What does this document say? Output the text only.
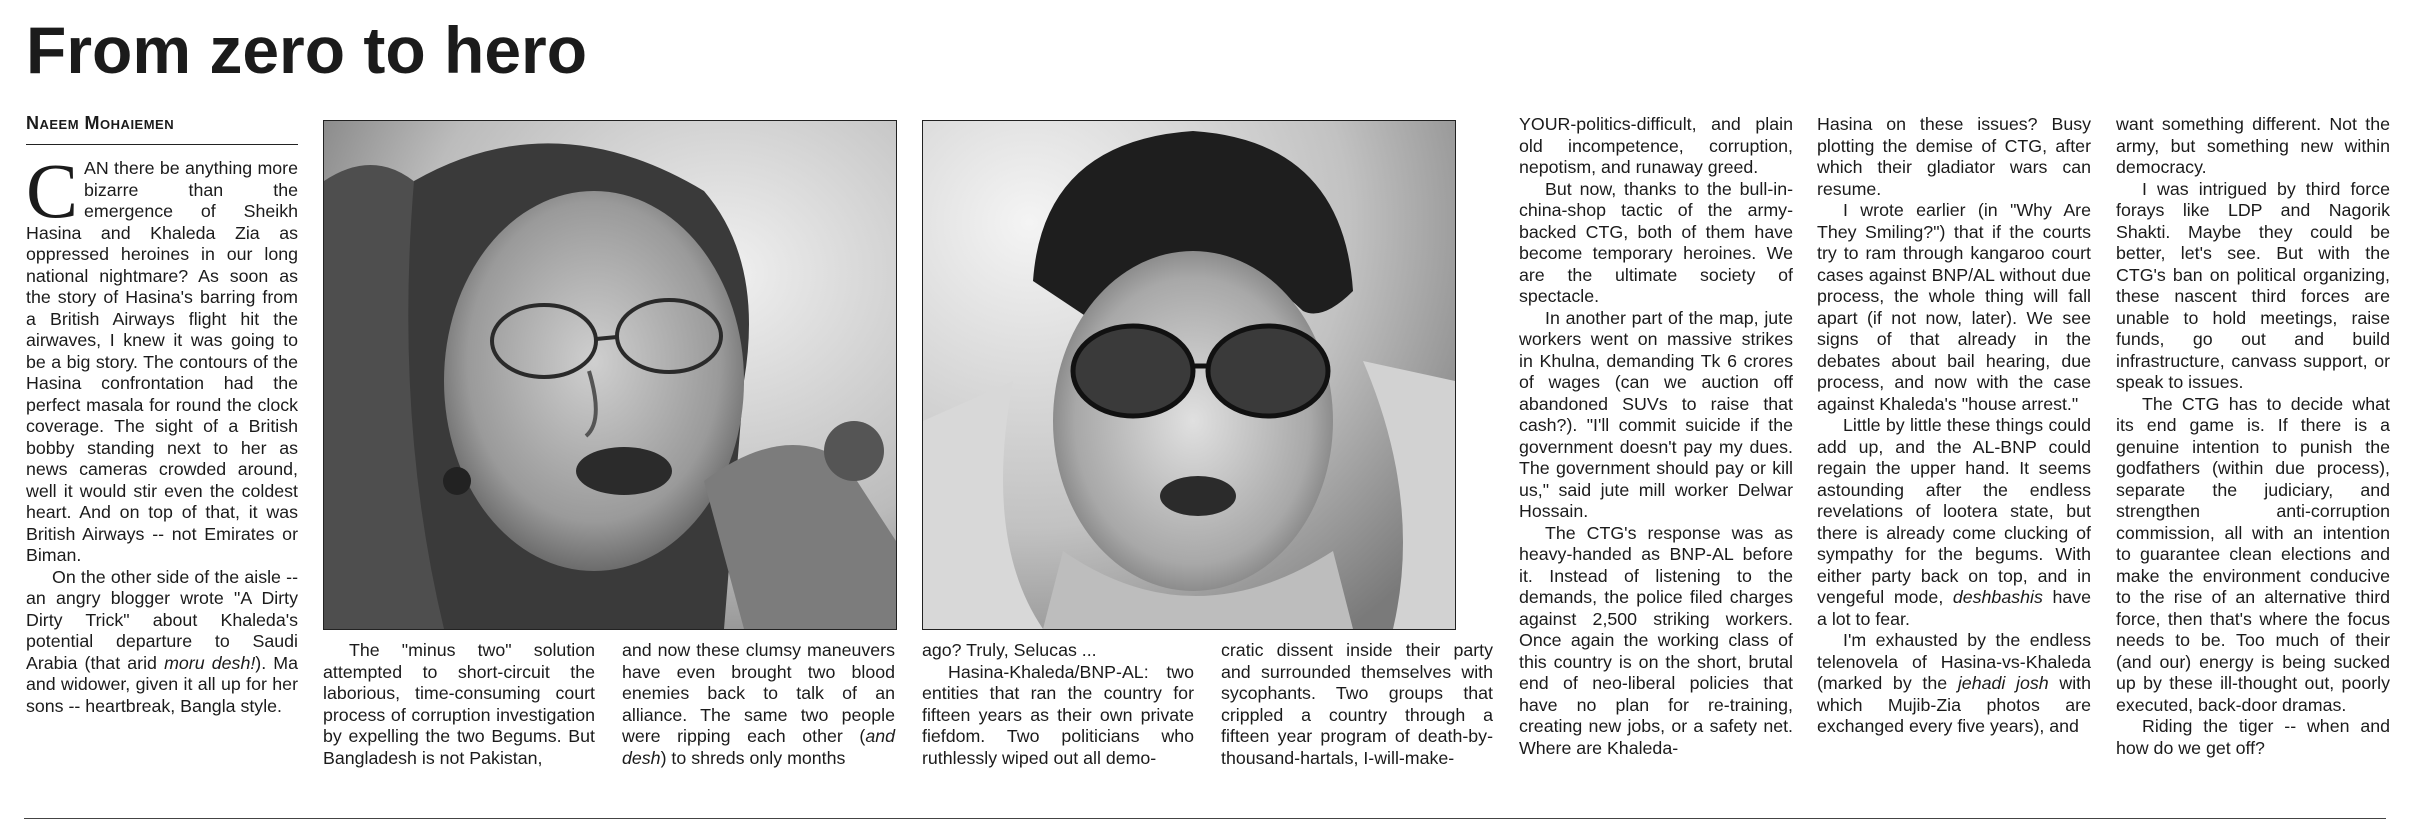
From zero to hero
Naeem Mohaiemen

CAN there be anything more bizarre than the emergence of Sheikh Hasina and Khaleda Zia as oppressed heroines in our long national nightmare? As soon as the story of Hasina's barring from a British Airways flight hit the airwaves, I knew it was going to be a big story. The contours of the Hasina confrontation had the perfect masala for round the clock coverage. The sight of a British bobby standing next to her as news cameras crowded around, well it would stir even the coldest heart. And on top of that, it was British Airways -- not Emirates or Biman.

On the other side of the aisle -- an angry blogger wrote "A Dirty Dirty Trick" about Khaleda's potential departure to Saudi Arabia (that arid moru desh!). Ma and widower, given it all up for her sons -- heartbreak, Bangla style.

The "minus two" solution attempted to short-circuit the laborious, time-consuming court process of corruption investigation by expelling the two Begums. But Bangladesh is not Pakistan,

and now these clumsy maneuvers have even brought two blood enemies back to talk of an alliance. The same two people were ripping each other (and desh) to shreds only months

ago? Truly, Selucas ...

Hasina-Khaleda/BNP-AL: two entities that ran the country for fifteen years as their own private fiefdom. Two politicians who ruthlessly wiped out all demo-

cratic dissent inside their party and surrounded themselves with sycophants. Two groups that crippled a country through a fifteen year program of death-by-thousand-hartals, I-will-make-

YOUR-politics-difficult, and plain old incompetence, corruption, nepotism, and runaway greed.

But now, thanks to the bull-in-china-shop tactic of the army-backed CTG, both of them have become temporary heroines. We are the ultimate society of spectacle.

In another part of the map, jute workers went on massive strikes in Khulna, demanding Tk 6 crores of wages (can we auction off abandoned SUVs to raise that cash?). "I'll commit suicide if the government doesn't pay my dues. The government should pay or kill us," said jute mill worker Delwar Hossain.

The CTG's response was as heavy-handed as BNP-AL before it. Instead of listening to the demands, the police filed charges against 2,500 striking workers. Once again the working class of this country is on the short, brutal end of neo-liberal policies that have no plan for re-training, creating new jobs, or a safety net. Where are Khaleda-

Hasina on these issues? Busy plotting the demise of CTG, after which their gladiator wars can resume.

I wrote earlier (in "Why Are They Smiling?") that if the courts try to ram through kangaroo court cases against BNP/AL without due process, the whole thing will fall apart (if not now, later). We see signs of that already in the debates about bail hearing, due process, and now with the case against Khaleda's "house arrest."

Little by little these things could add up, and the AL-BNP could regain the upper hand. It seems astounding after the endless revelations of lootera state, but there is already come clucking of sympathy for the begums. With either party back on top, and in vengeful mode, deshbashis have a lot to fear.

I'm exhausted by the endless telenovela of Hasina-vs-Khaleda (marked by the jehadi josh with which Mujib-Zia photos are exchanged every five years), and

want something different. Not the army, but something new within democracy.

I was intrigued by third force forays like LDP and Nagorik Shakti. Maybe they could be better, let's see. But with the CTG's ban on political organizing, these nascent third forces are unable to hold meetings, raise funds, go out and build infrastructure, canvass support, or speak to issues.

The CTG has to decide what its end game is. If there is a genuine intention to punish the godfathers (within due process), separate the judiciary, and strengthen anti-corruption commission, all with an intention to guarantee clean elections and make the environment conducive to the rise of an alternative third force, then that's where the focus needs to be. Too much of their (and our) energy is being sucked up by these ill-thought out, poorly executed, back-door dramas.

Riding the tiger -- when and how do we get off?
